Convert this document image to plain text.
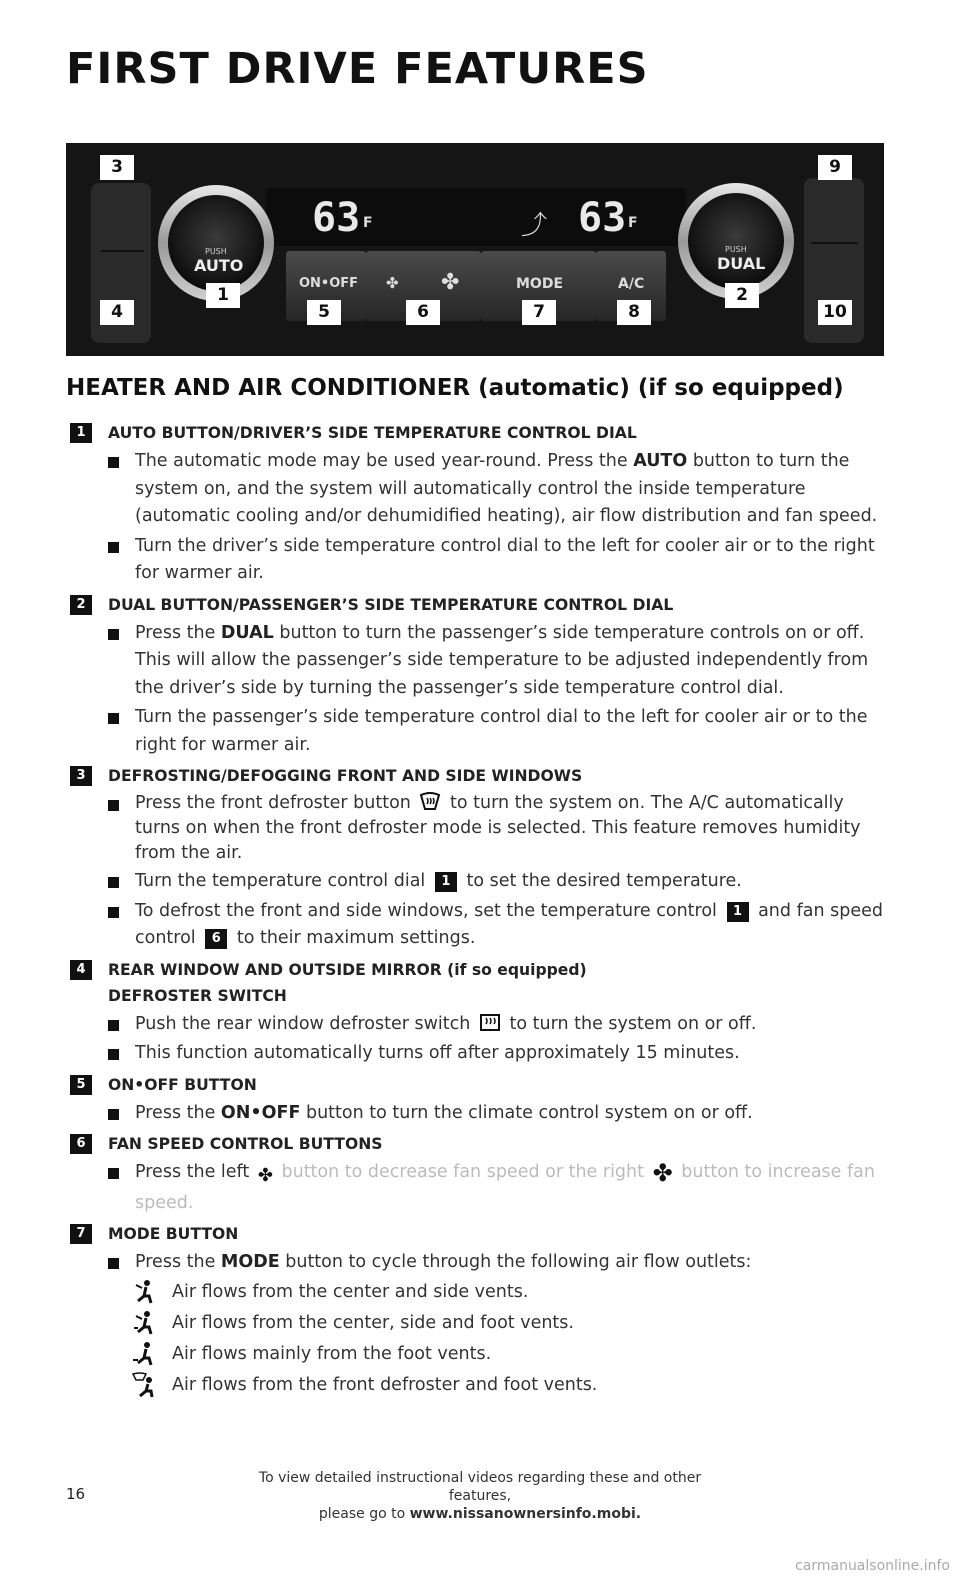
FIRST DRIVE FEATURES
63 F	⤴ 63 F
PUSH
AUTO
PUSH
DUAL
ON•OFF ✤ ✤	MODE	A/C
3	9
4
1
5	6	7	8
2
10
HEATER AND AIR CONDITIONER (automatic) (if so equipped)
1	AUTO BUTTON/DRIVER’S SIDE TEMPERATURE CONTROL DIAL
The automatic mode may be used year-round. Press the AUTO button to turn the system on, and the system will automatically control the inside temperature (automatic cooling and/or dehumidified heating), air flow distribution and fan speed.
Turn the driver’s side temperature control dial to the left for cooler air or to the right for warmer air.
2	DUAL BUTTON/PASSENGER’S SIDE TEMPERATURE CONTROL DIAL
Press the DUAL button to turn the passenger’s side temperature controls on or off. This will allow the passenger’s side temperature to be adjusted independently from the driver’s side by turning the passenger’s side temperature control dial.
Turn the passenger’s side temperature control dial to the left for cooler air or to the right for warmer air.
3	DEFROSTING/DEFOGGING FRONT AND SIDE WINDOWS
Press the front defroster button to turn the system on. The A/C automatically turns on when the front defroster mode is selected. This feature removes humidity from the air.
Turn the temperature control dial 1 to set the desired temperature.
To defrost the front and side windows, set the temperature control 1 and fan speed control 6 to their maximum settings.
4	REAR WINDOW AND OUTSIDE MIRROR (if so equipped)
DEFROSTER SWITCH
Push the rear window defroster switch to turn the system on or off.
This function automatically turns off after approximately 15 minutes.
5	ON•OFF BUTTON
Press the ON•OFF button to turn the climate control system on or off.
6	FAN SPEED CONTROL BUTTONS
Press the left ✤ button to decrease fan speed or the right ✤ button to increase fan speed.
7	MODE BUTTON
Press the MODE button to cycle through the following air flow outlets:
Air flows from the center and side vents.
Air flows from the center, side and foot vents.
Air flows mainly from the foot vents.
Air flows from the front defroster and foot vents.
16
To view detailed instructional videos regarding these and other features,
please go to www.nissanownersinfo.mobi.
carmanualsonline.info
